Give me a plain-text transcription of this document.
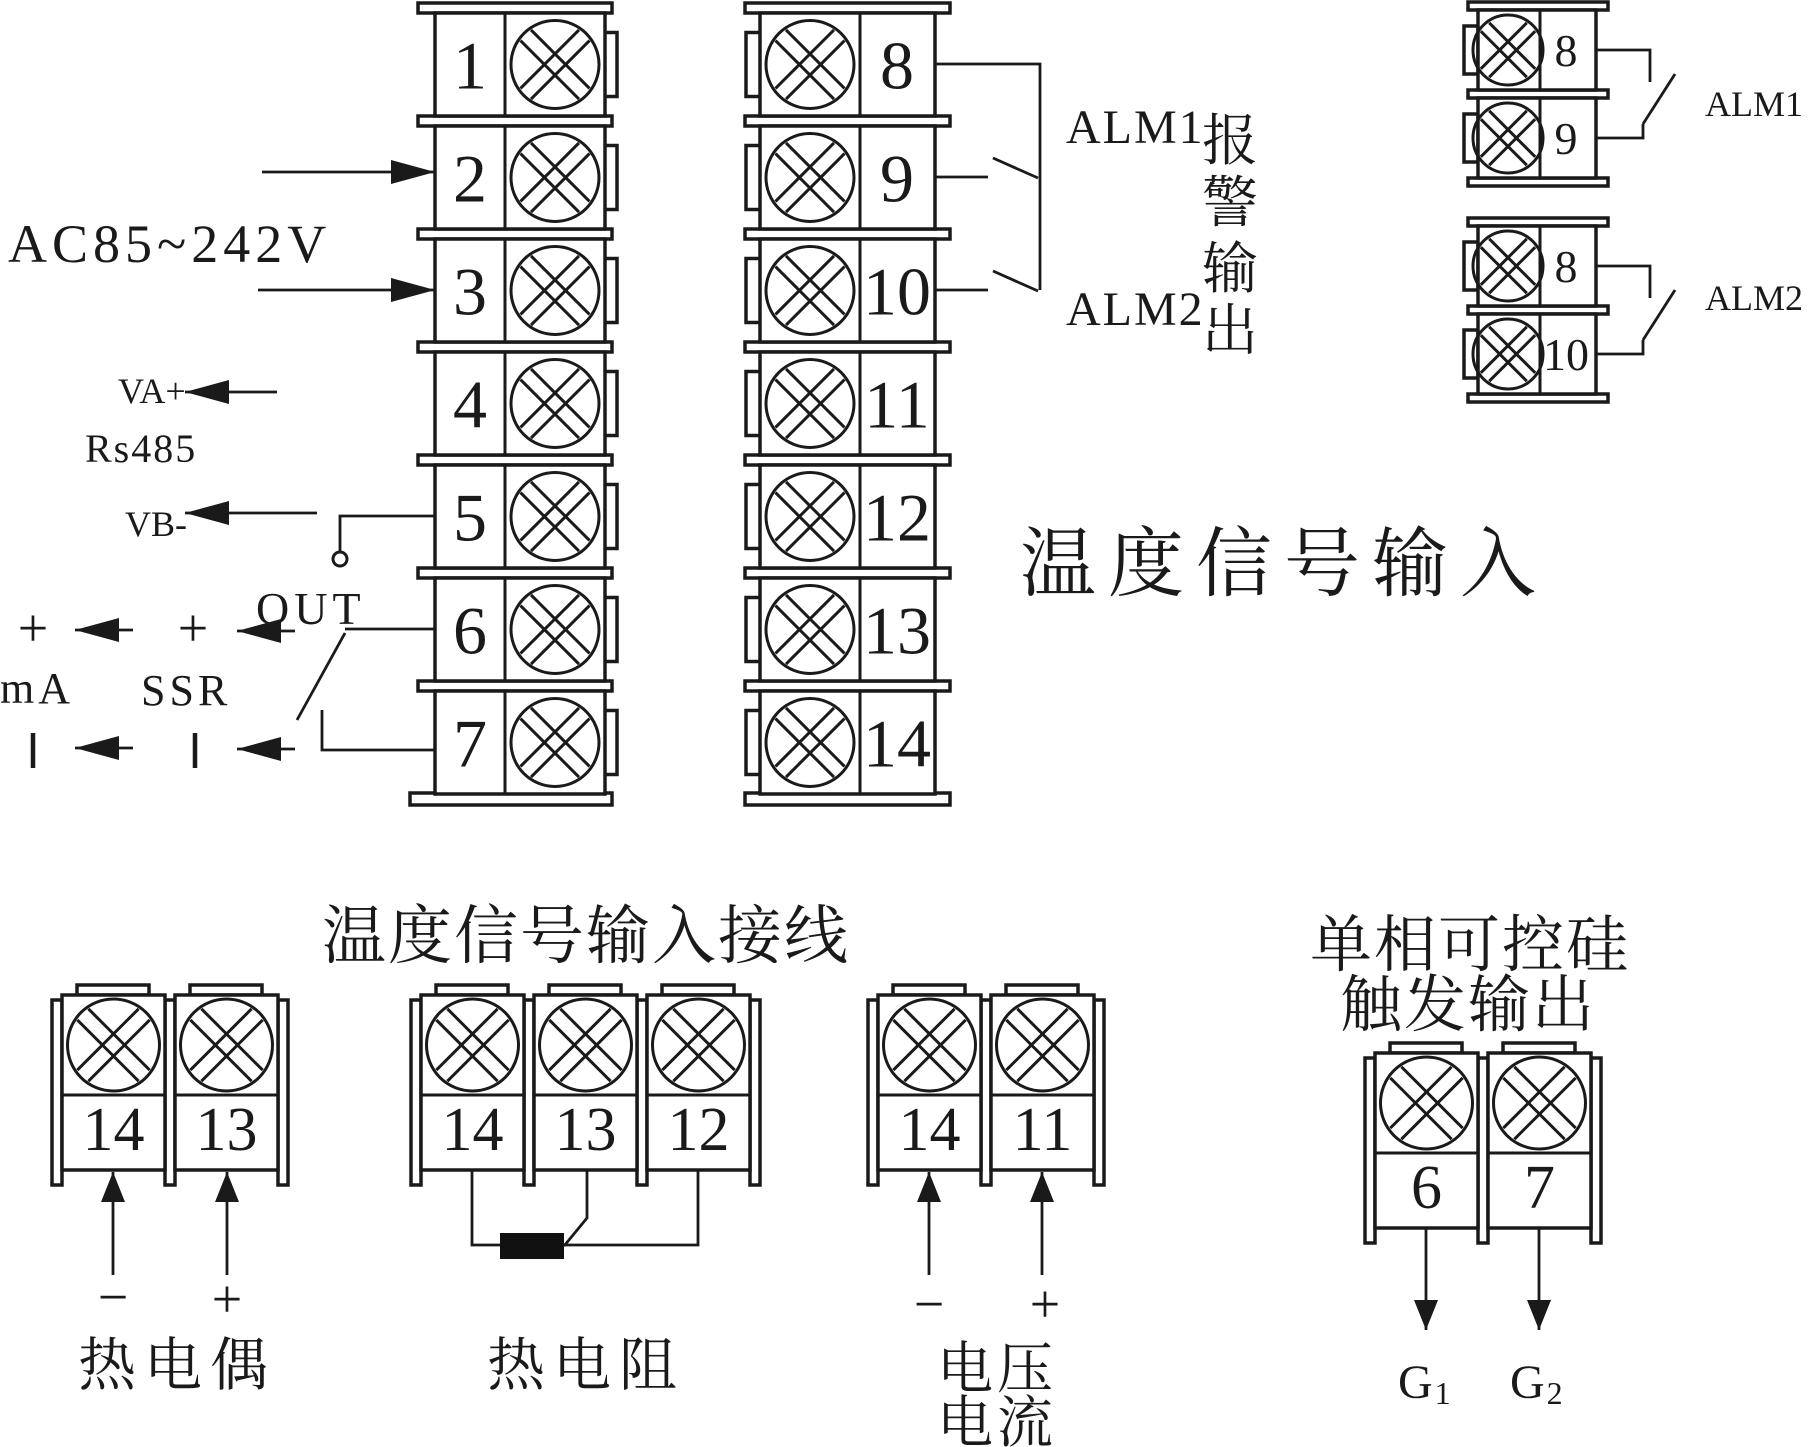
1
2
3
4
5
6
7
8
9
10
11
12
13
14
8
9
8
10
14 13	14 13 12	14 11
6 7
AC85~242V
VA+
Rs485
VB-
OUT
+ +
mA SSR
温度信号输入
ALM1
ALM2
报
警
输
出
ALM1
ALM2
温度信号输入接线
− +
热电偶	热电阻
− +
电压
电流
单相可控硅
触发输出
G1 G2
